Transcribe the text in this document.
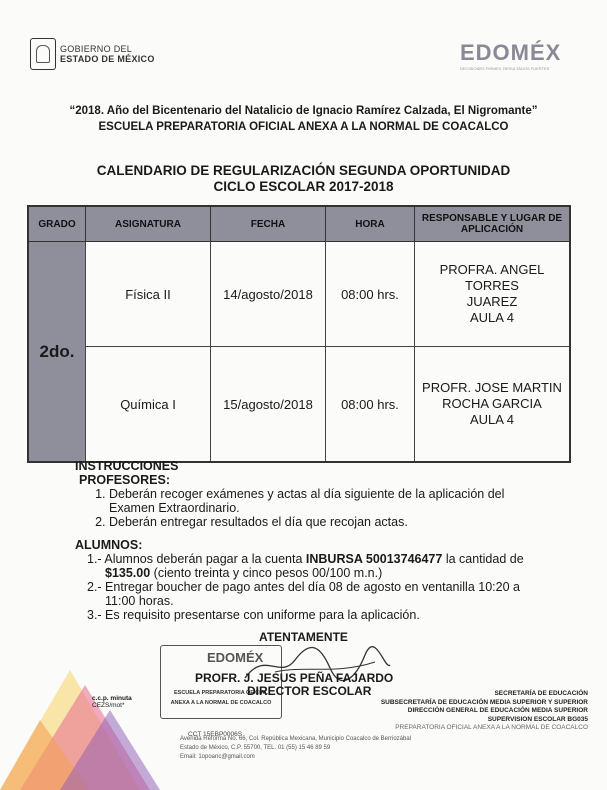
GOBIERNO DEL
ESTADO DE MÉXICO	EDOMÉX
DECISIONES FIRMES, RESULTADOS FUERTES
“2018. Año del Bicentenario del Natalicio de Ignacio Ramírez Calzada, El Nigromante”
ESCUELA PREPARATORIA OFICIAL ANEXA A LA NORMAL DE COACALCO
CALENDARIO DE REGULARIZACIÓN SEGUNDA OPORTUNIDAD
CICLO ESCOLAR 2017-2018
GRADO	ASIGNATURA	FECHA	HORA	RESPONSABLE Y LUGAR DE APLICACIÓN
2do.	Física II	14/agosto/2018	08:00 hrs.	PROFRA. ANGEL TORRES
JUAREZ
AULA 4

	Química I	15/agosto/2018	08:00 hrs.	PROFR. JOSE MARTIN
ROCHA GARCIA
AULA 4
INSTRUCCIONES
PROFESORES:
1. Deberán recoger exámenes y actas al día siguiente de la aplicación del Examen Extraordinario.
2. Deberán entregar resultados el día que recojan actas.
ALUMNOS:
1.- Alumnos deberán pagar a la cuenta INBURSA 50013746477 la cantidad de $135.00 (ciento treinta y cinco pesos 00/100 m.n.)
2.- Entregar boucher de pago antes del día 08 de agosto en ventanilla 10:20 a 11:00 horas.
3.- Es requisito presentarse con uniforme para la aplicación.
ATENTAMENTE
EDOMÉX
ESCUELA PREPARATORIA OFICIAL
ANEXA A LA NORMAL DE COACALCO
PROFR. J. JESUS PEÑA FAJARDO
DIRECTOR ESCOLAR
CCT 15EBP0006S
c.c.p. minuta
CEZS/mot*
SECRETARÍA DE EDUCACIÓN
SUBSECRETARÍA DE EDUCACIÓN MEDIA SUPERIOR Y SUPERIOR
DIRECCIÓN GENERAL DE EDUCACIÓN MEDIA SUPERIOR
SUPERVISION ESCOLAR BG035
PREPARATORIA OFICIAL ANEXA A LA NORMAL DE COACALCO
Avenida Reforma No. 66, Col. República Mexicana, Municipio Coacalco de Berriozábal
Estado de México, C.P. 55700, TEL. 01 (55) 15 46 89 59
Email: 1opoanc@gmail.com
